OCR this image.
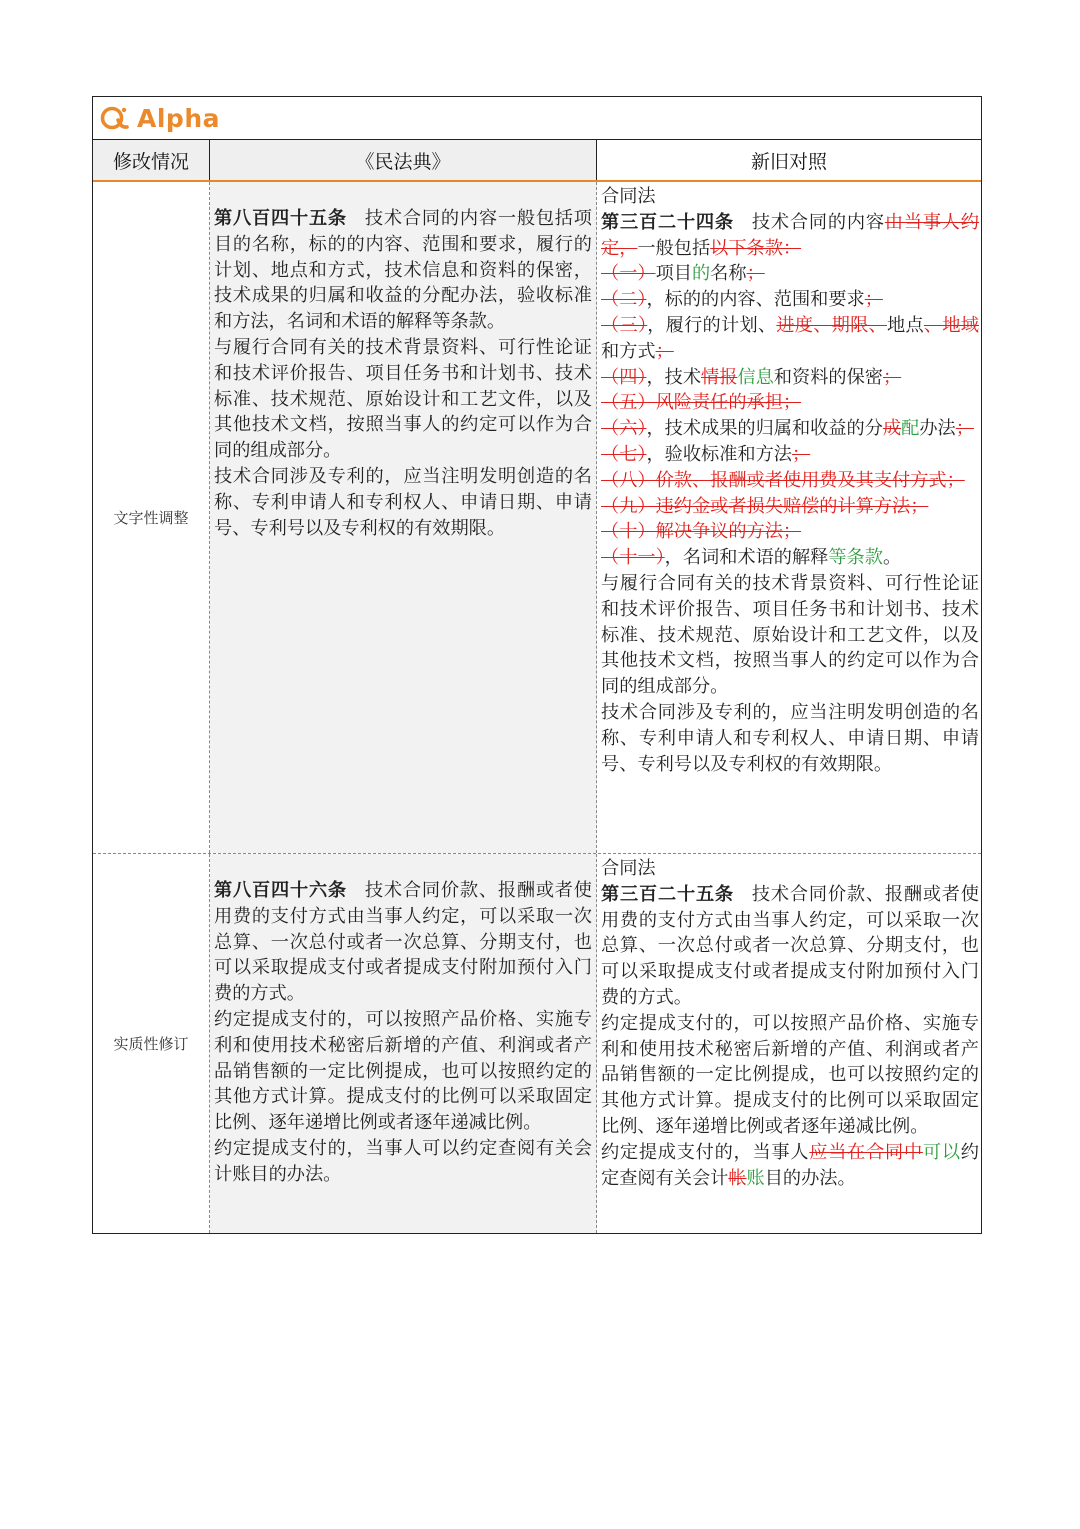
Alpha
修改情况	《民法典》	新旧对照
文字性调整

第八百四十五条 技术合同的内容一般包括项目的名称，标的的内容、范围和要求，履行的计划、地点和方式，技术信息和资料的保密，技术成果的归属和收益的分配办法，验收标准和方法，名词和术语的解释等条款。

与履行合同有关的技术背景资料、可行性论证和技术评价报告、项目任务书和计划书、技术标准、技术规范、原始设计和工艺文件，以及其他技术文档，按照当事人的约定可以作为合同的组成部分。

技术合同涉及专利的，应当注明发明创造的名称、专利申请人和专利权人、申请日期、申请号、专利号以及专利权的有效期限。

合同法

第三百二十四条 技术合同的内容由当事人约定，一般包括以下条款：

（一）项目的名称；

（二），标的的内容、范围和要求；

（三），履行的计划、进度、期限、地点、地域和方式；

（四），技术情报信息和资料的保密；

（五）风险责任的承担；

（六），技术成果的归属和收益的分成配办法；

（七），验收标准和方法；

（八）价款、报酬或者使用费及其支付方式；

（九）违约金或者损失赔偿的计算方法；

（十）解决争议的方法；

（十一），名词和术语的解释等条款。

与履行合同有关的技术背景资料、可行性论证和技术评价报告、项目任务书和计划书、技术标准、技术规范、原始设计和工艺文件，以及其他技术文档，按照当事人的约定可以作为合同的组成部分。

技术合同涉及专利的，应当注明发明创造的名称、专利申请人和专利权人、申请日期、申请号、专利号以及专利权的有效期限。

实质性修订

第八百四十六条 技术合同价款、报酬或者使用费的支付方式由当事人约定，可以采取一次总算、一次总付或者一次总算、分期支付，也可以采取提成支付或者提成支付附加预付入门费的方式。

约定提成支付的，可以按照产品价格、实施专利和使用技术秘密后新增的产值、利润或者产品销售额的一定比例提成，也可以按照约定的其他方式计算。提成支付的比例可以采取固定比例、逐年递增比例或者逐年递减比例。

约定提成支付的，当事人可以约定查阅有关会计账目的办法。

合同法

第三百二十五条 技术合同价款、报酬或者使用费的支付方式由当事人约定，可以采取一次总算、一次总付或者一次总算、分期支付，也可以采取提成支付或者提成支付附加预付入门费的方式。

约定提成支付的，可以按照产品价格、实施专利和使用技术秘密后新增的产值、利润或者产品销售额的一定比例提成，也可以按照约定的其他方式计算。提成支付的比例可以采取固定比例、逐年递增比例或者逐年递减比例。

约定提成支付的，当事人应当在合同中可以约定查阅有关会计帐账目的办法。
